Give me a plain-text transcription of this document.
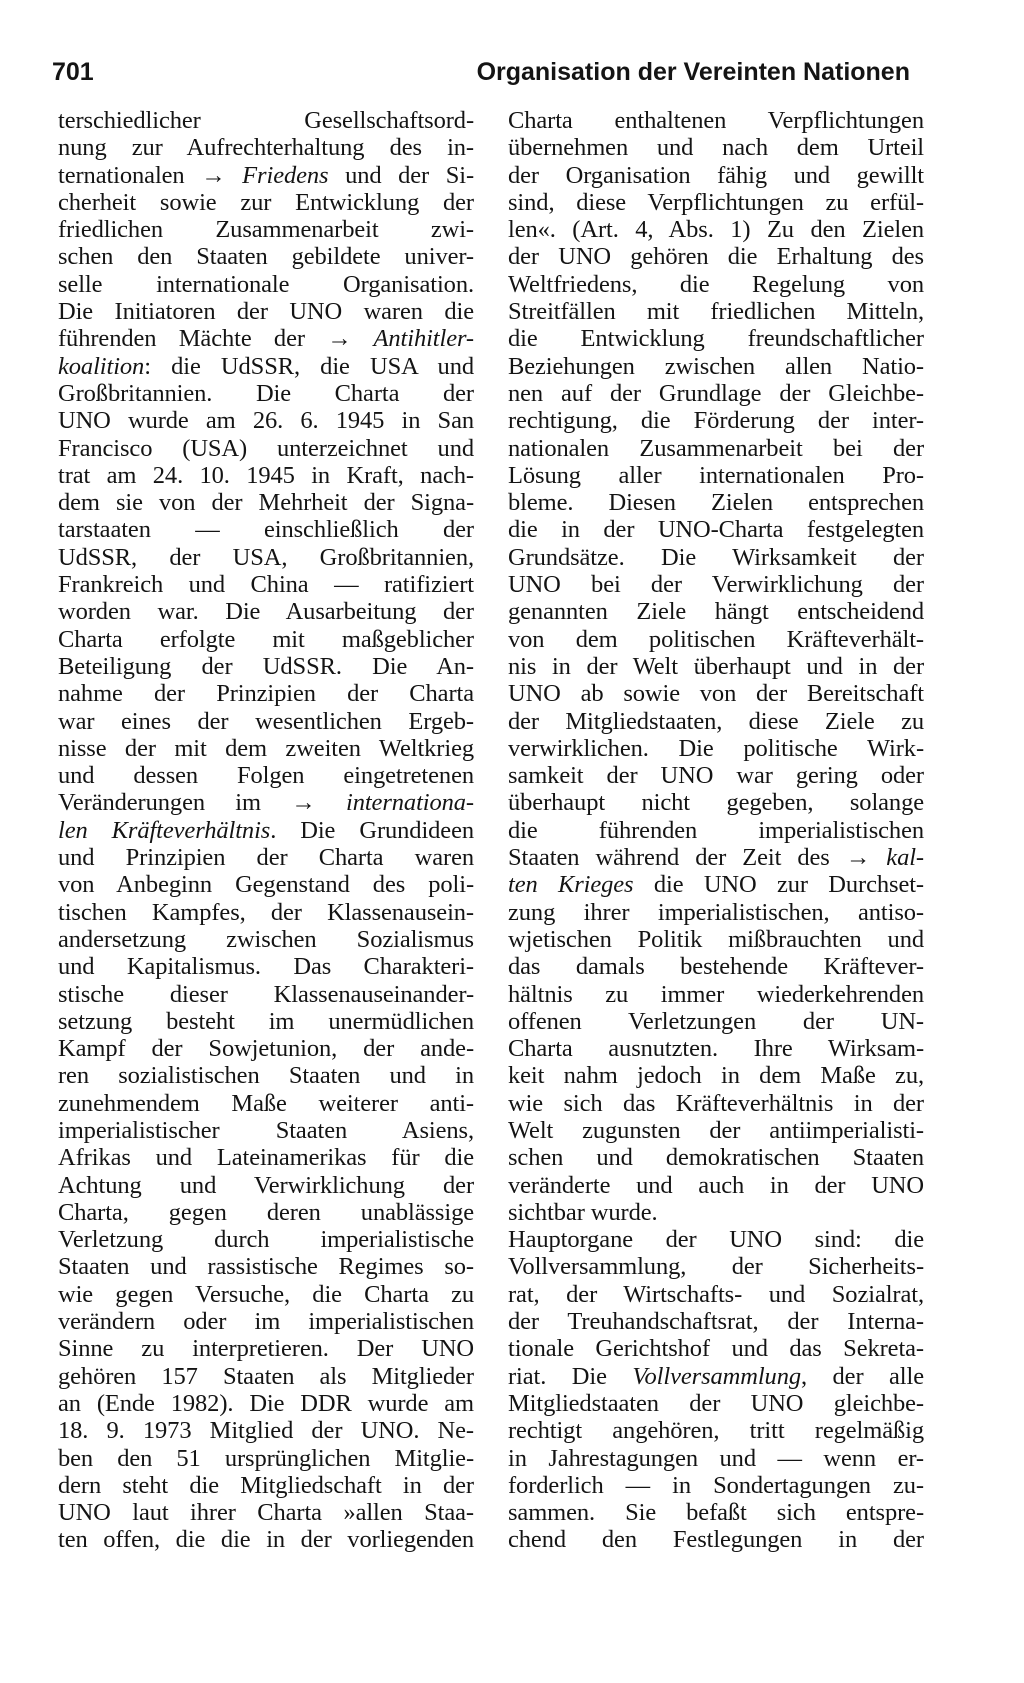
701	Organisation der Vereinten Nationen
terschiedlicher Gesellschaftsord-
nung zur Aufrechterhaltung des in-
ternationalen → Friedens und der Si-
cherheit sowie zur Entwicklung der
friedlichen Zusammenarbeit zwi-
schen den Staaten gebildete univer-
selle internationale Organisation.
Die Initiatoren der UNO waren die
führenden Mächte der → Antihitler-
koalition: die UdSSR, die USA und
Großbritannien. Die Charta der
UNO wurde am 26. 6. 1945 in San
Francisco (USA) unterzeichnet und
trat am 24. 10. 1945 in Kraft, nach-
dem sie von der Mehrheit der Signa-
tarstaaten — einschließlich der
UdSSR, der USA, Großbritannien,
Frankreich und China — ratifiziert
worden war. Die Ausarbeitung der
Charta erfolgte mit maßgeblicher
Beteiligung der UdSSR. Die An-
nahme der Prinzipien der Charta
war eines der wesentlichen Ergeb-
nisse der mit dem zweiten Weltkrieg
und dessen Folgen eingetretenen
Veränderungen im → internationa-
len Kräfteverhältnis. Die Grundideen
und Prinzipien der Charta waren
von Anbeginn Gegenstand des poli-
tischen Kampfes, der Klassenausein-
andersetzung zwischen Sozialismus
und Kapitalismus. Das Charakteri-
stische dieser Klassenauseinander-
setzung besteht im unermüdlichen
Kampf der Sowjetunion, der ande-
ren sozialistischen Staaten und in
zunehmendem Maße weiterer anti-
imperialistischer Staaten Asiens,
Afrikas und Lateinamerikas für die
Achtung und Verwirklichung der
Charta, gegen deren unablässige
Verletzung durch imperialistische
Staaten und rassistische Regimes so-
wie gegen Versuche, die Charta zu
verändern oder im imperialistischen
Sinne zu interpretieren. Der UNO
gehören 157 Staaten als Mitglieder
an (Ende 1982). Die DDR wurde am
18. 9. 1973 Mitglied der UNO. Ne-
ben den 51 ursprünglichen Mitglie-
dern steht die Mitgliedschaft in der
UNO laut ihrer Charta »allen Staa-
ten offen, die die in der vorliegenden
Charta enthaltenen Verpflichtungen
übernehmen und nach dem Urteil
der Organisation fähig und gewillt
sind, diese Verpflichtungen zu erfül-
len«. (Art. 4, Abs. 1) Zu den Zielen
der UNO gehören die Erhaltung des
Weltfriedens, die Regelung von
Streitfällen mit friedlichen Mitteln,
die Entwicklung freundschaftlicher
Beziehungen zwischen allen Natio-
nen auf der Grundlage der Gleichbe-
rechtigung, die Förderung der inter-
nationalen Zusammenarbeit bei der
Lösung aller internationalen Pro-
bleme. Diesen Zielen entsprechen
die in der UNO-Charta festgelegten
Grundsätze. Die Wirksamkeit der
UNO bei der Verwirklichung der
genannten Ziele hängt entscheidend
von dem politischen Kräfteverhält-
nis in der Welt überhaupt und in der
UNO ab sowie von der Bereitschaft
der Mitgliedstaaten, diese Ziele zu
verwirklichen. Die politische Wirk-
samkeit der UNO war gering oder
überhaupt nicht gegeben, solange
die führenden imperialistischen
Staaten während der Zeit des → kal-
ten Krieges die UNO zur Durchset-
zung ihrer imperialistischen, antiso-
wjetischen Politik mißbrauchten und
das damals bestehende Kräftever-
hältnis zu immer wiederkehrenden
offenen Verletzungen der UN-
Charta ausnutzten. Ihre Wirksam-
keit nahm jedoch in dem Maße zu,
wie sich das Kräfteverhältnis in der
Welt zugunsten der antiimperialisti-
schen und demokratischen Staaten
veränderte und auch in der UNO
sichtbar wurde.
Hauptorgane der UNO sind: die
Vollversammlung, der Sicherheits-
rat, der Wirtschafts- und Sozialrat,
der Treuhandschaftsrat, der Interna-
tionale Gerichtshof und das Sekreta-
riat. Die Vollversammlung, der alle
Mitgliedstaaten der UNO gleichbe-
rechtigt angehören, tritt regelmäßig
in Jahrestagungen und — wenn er-
forderlich — in Sondertagungen zu-
sammen. Sie befaßt sich entspre-
chend den Festlegungen in der
